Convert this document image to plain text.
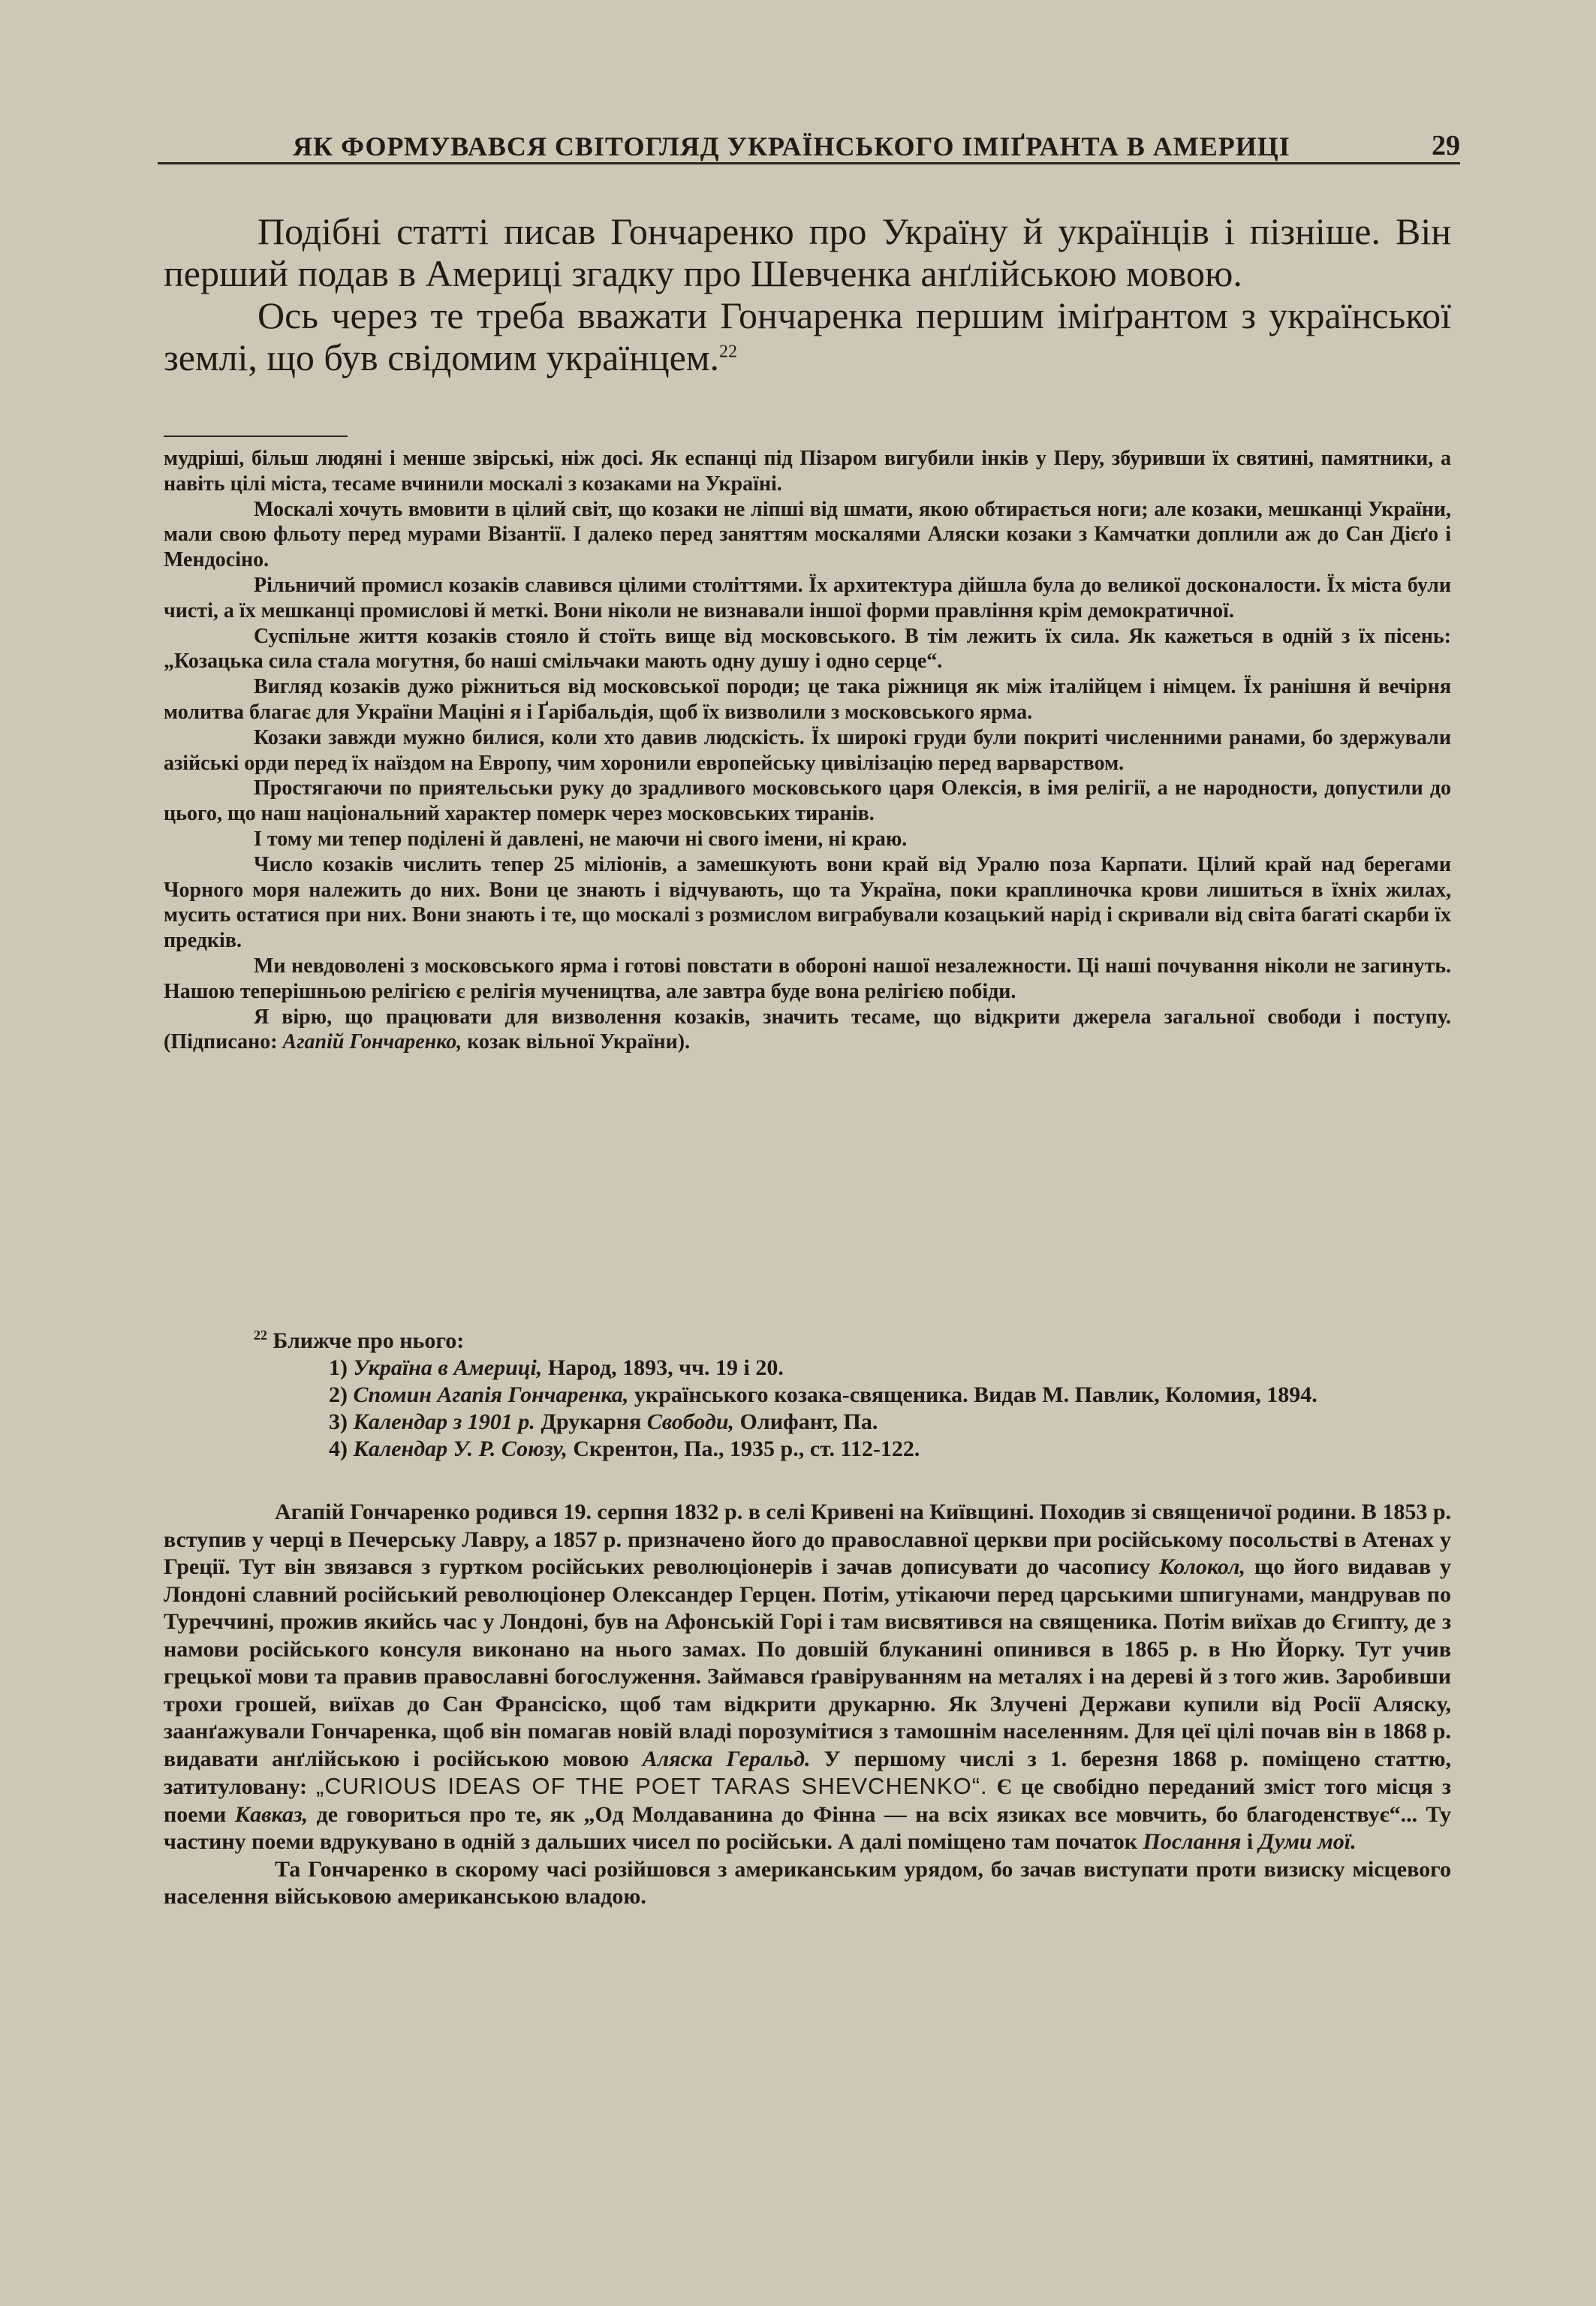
ЯК ФОРМУВАВСЯ СВІТОГЛЯД УКРАЇНСЬКОГО ІМІҐРАНТА В АМЕРИЦІ	29

Подібні статті писав Гончаренко про Україну й українців і пізніше. Він перший подав в Америці згадку про Шевченка анґлійською мовою.

Ось через те треба вважати Гончаренка першим іміґрантом з української землі, що був свідомим українцем.$^{22}$

мудріші, більш людяні і менше звірські, ніж досі. Як еспанці під Пізаром вигубили інків у Перу, збуривши їх святині, памятники, а навіть цілі міста, тесаме вчинили москалі з козаками на Україні.

Москалі хочуть вмовити в цілий світ, що козаки не ліпші від шмати, якою обтирається ноги; але козаки, мешканці України, мали свою фльоту перед мурами Візантії. І далеко перед заняттям москалями Аляски козаки з Камчатки доплили аж до Сан Дієґо і Мендосіно.

Рільничий промисл козаків славився цілими століттями. Їх архитектура дійшла була до великої досконалости. Їх міста були чисті, а їх мешканці промислові й меткі. Вони ніколи не визнавали іншої форми правління крім демократичної.

Суспільне життя козаків стояло й стоїть вище від московського. В тім лежить їх сила. Як кажеться в одній з їх пісень: „Козацька сила стала могутня, бо наші смільчаки мають одну душу і одно серце“.

Вигляд козаків дужо ріжниться від московської породи; це така ріжниця як між італійцем і німцем. Їх ранішня й вечірня молитва благає для України Маціні я і Ґарібальдія, щоб їх визволили з московського ярма.

Козаки завжди мужно билися, коли хто давив людскість. Їх широкі груди були покриті численними ранами, бо здержували азійські орди перед їх наїздом на Европу, чим хоронили европейську цивілізацію перед варварством.

Простягаючи по приятельськи руку до зрадливого московського царя Олексія, в імя релігії, а не народности, допустили до цього, що наш національний характер померк через московських тиранів.

І тому ми тепер поділені й давлені, не маючи ні свого імени, ні краю.

Число козаків числить тепер 25 міліонів, а замешкують вони край від Уралю поза Карпати. Цілий край над берегами Чорного моря належить до них. Вони це знають і відчувають, що та Україна, поки краплиночка крови лишиться в їхніх жилах, мусить остатися при них. Вони знають і те, що москалі з розмислом виграбували козацький нарід і скривали від світа багаті скарби їх предків.

Ми невдоволені з московського ярма і готові повстати в обороні нашої незалежности. Ці наші почування ніколи не загинуть. Нашою теперішньою релігією є релігія мучеництва, але завтра буде вона релігією побіди.

Я вірю, що працювати для визволення козаків, значить тесаме, що відкрити джерела загальної свободи і поступу. (Підписано: Агапій Гончаренко, козак вільної України).

$^{22}$ Ближче про нього:
1) Україна в Америці, Народ, 1893, чч. 19 і 20.
2) Спомин Агапія Гончаренка, українського козака-священика. Видав М. Павлик, Коломия, 1894.
3) Календар з 1901 р. Друкарня Свободи, Олифант, Па.
4) Календар У. Р. Союзу, Скрентон, Па., 1935 р., ст. 112-122.

Агапій Гончаренко родився 19. серпня 1832 р. в селі Кривені на Київщині. Походив зі священичої родини. В 1853 р. вступив у черці в Печерську Лавру, а 1857 р. призначено його до православної церкви при російському посольстві в Атенах у Греції. Тут він звязався з гуртком російських революціонерів і зачав дописувати до часопису Колокол, що його видавав у Лондоні славний російський революціонер Олександер Герцен. Потім, утікаючи перед царськими шпигунами, мандрував по Туреччині, прожив якийсь час у Лондоні, був на Афонській Горі і там висвятився на священика. Потім виїхав до Єгипту, де з намови російського консуля виконано на нього замах. По довшій блуканині опинився в 1865 р. в Ню Йорку. Тут учив грецької мови та правив православні богослуження. Займався ґравіруванням на металях і на дереві й з того жив. Заробивши трохи грошей, виїхав до Сан Франсіско, щоб там відкрити друкарню. Як Злучені Держави купили від Росії Аляску, заанґажували Гончаренка, щоб він помагав новій владі порозумітися з тамошнім населенням. Для цеї цілі почав він в 1868 р. видавати анґлійською і російською мовою Аляска Геральд. У першому числі з 1. березня 1868 р. поміщено статтю, затитуловану: „CURIOUS IDEAS OF THE POET TARAS SHEVCHENKO“. Є це свобідно переданий зміст того місця з поеми Кавказ, де говориться про те, як „Од Молдаванина до Фінна — на всіх язиках все мовчить, бо благоденствує“... Ту частину поеми вдрукувано в одній з дальших чисел по російськи. А далі поміщено там початок Послання і Думи мої.

Та Гончаренко в скорому часі розійшовся з американським урядом, бо зачав виступати проти визиску місцевого населення військовою американською владою.
